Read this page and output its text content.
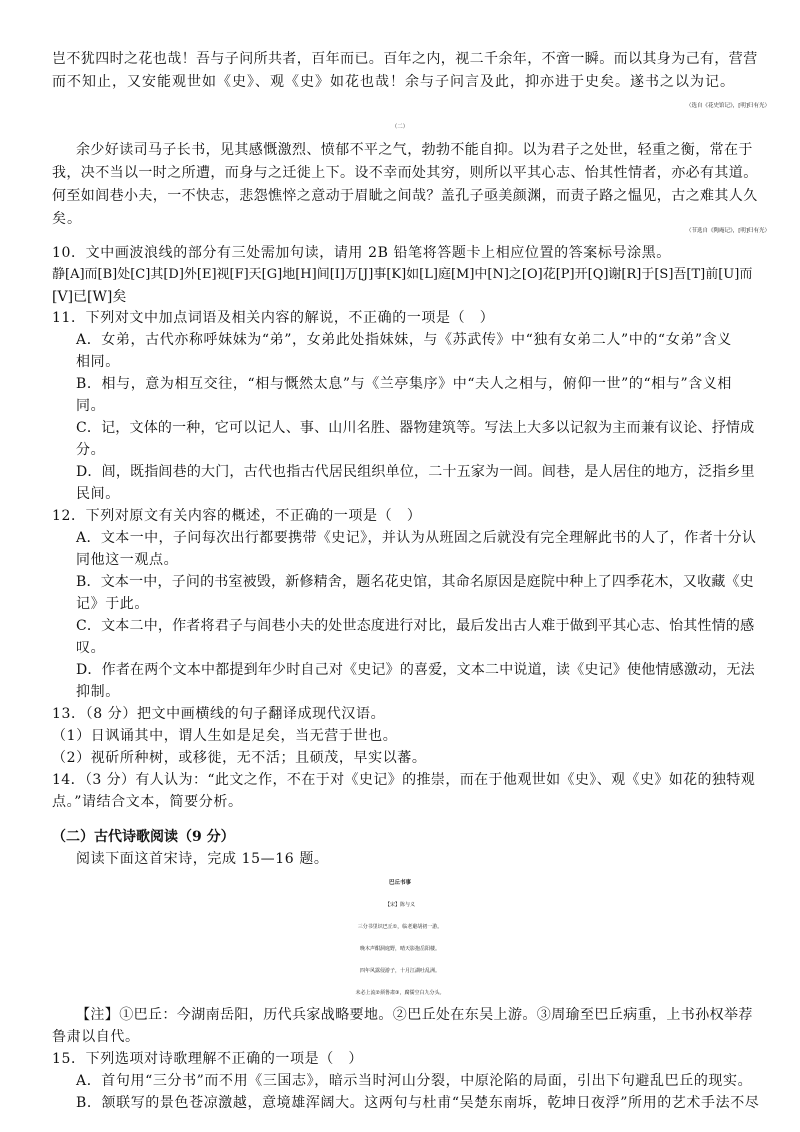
岂不犹四时之花也哉！吾与子问所共者，百年而已。百年之内，视二千余年，不啻一瞬。而以其身为己有，营营
而不知止，又安能观世如《史》、观《史》如花也哉！余与子问言及此，抑亦进于史矣。遂书之以为记。
（选自《花史馆记》，[明]归有光）
（二）
余少好读司马子长书，见其感慨激烈、愤郁不平之气，勃勃不能自抑。以为君子之处世，轻重之衡，常在于
我，决不当以一时之所遭，而身与之迁徙上下。设不幸而处其穷，则所以平其心志、怡其性情者，亦必有其道。
何至如闾巷小夫，一不快志，悲怨憔悴之意动于眉眦之间哉？盖孔子亟美颜渊，而责子路之愠见，古之难其人久
矣。
（节选自《陶庵记》，[明]归有光）
10．文中画波浪线的部分有三处需加句读，请用 2B 铅笔将答题卡上相应位置的答案标号涂黑。
静[A]而[B]处[C]其[D]外[E]视[F]天[G]地[H]间[I]万[J]事[K]如[L]庭[M]中[N]之[O]花[P]开[Q]谢[R]于[S]吾[T]前[U]而
[V]已[W]矣
11．下列对文中加点词语及相关内容的解说，不正确的一项是（　）
A．女弟，古代亦称呼妹妹为“弟”，女弟此处指妹妹，与《苏武传》中“独有女弟二人”中的“女弟”含义
相同。
B．相与，意为相互交往，“相与慨然太息”与《兰亭集序》中“夫人之相与，俯仰一世”的“相与”含义相
同。
C．记，文体的一种，它可以记人、事、山川名胜、器物建筑等。写法上大多以记叙为主而兼有议论、抒情成
分。
D．闾，既指闾巷的大门，古代也指古代居民组织单位，二十五家为一闾。闾巷，是人居住的地方，泛指乡里
民间。
12．下列对原文有关内容的概述，不正确的一项是（　）
A．文本一中，子问每次出行都要携带《史记》，并认为从班固之后就没有完全理解此书的人了，作者十分认
同他这一观点。
B．文本一中，子问的书室被毁，新修精舍，题名花史馆，其命名原因是庭院中种上了四季花木，又收藏《史
记》于此。
C．文本二中，作者将君子与闾巷小夫的处世态度进行对比，最后发出古人难于做到平其心志、怡其性情的感
叹。
D．作者在两个文本中都提到年少时自己对《史记》的喜爱，文本二中说道，读《史记》使他情感激动，无法
抑制。
13．（8 分）把文中画横线的句子翻译成现代汉语。
（1）日讽诵其中，谓人生如是足矣，当无营于世也。
（2）视斫所种树，或移徙，无不活；且硕茂，早实以蕃。
14．（3 分）有人认为：“此文之作，不在于对《史记》的推崇，而在于他观世如《史》、观《史》如花的独特观
点。”请结合文本，简要分析。
（二）古代诗歌阅读（9 分）
阅读下面这首宋诗，完成 15—16 题。
巴丘书事
【宋】陈与义
三分书里识巴丘①，临老避胡初一游。
晚木声酣洞庭野，晴天影抱岳阳楼。
四年风露侵游子，十月江湖吐乱洲。
未必上流②须鲁肃③，腐儒空白九分头。
【注】①巴丘：今湖南岳阳，历代兵家战略要地。②巴丘处在东吴上游。③周瑜至巴丘病重，上书孙权举荐
鲁肃以自代。
15．下列选项对诗歌理解不正确的一项是（　）
A．首句用“三分书”而不用《三国志》，暗示当时河山分裂，中原沦陷的局面，引出下句避乱巴丘的现实。
B．颔联写的景色苍凉激越，意境雄浑阔大。这两句与杜甫“吴楚东南坼，乾坤日夜浮”所用的艺术手法不尽
